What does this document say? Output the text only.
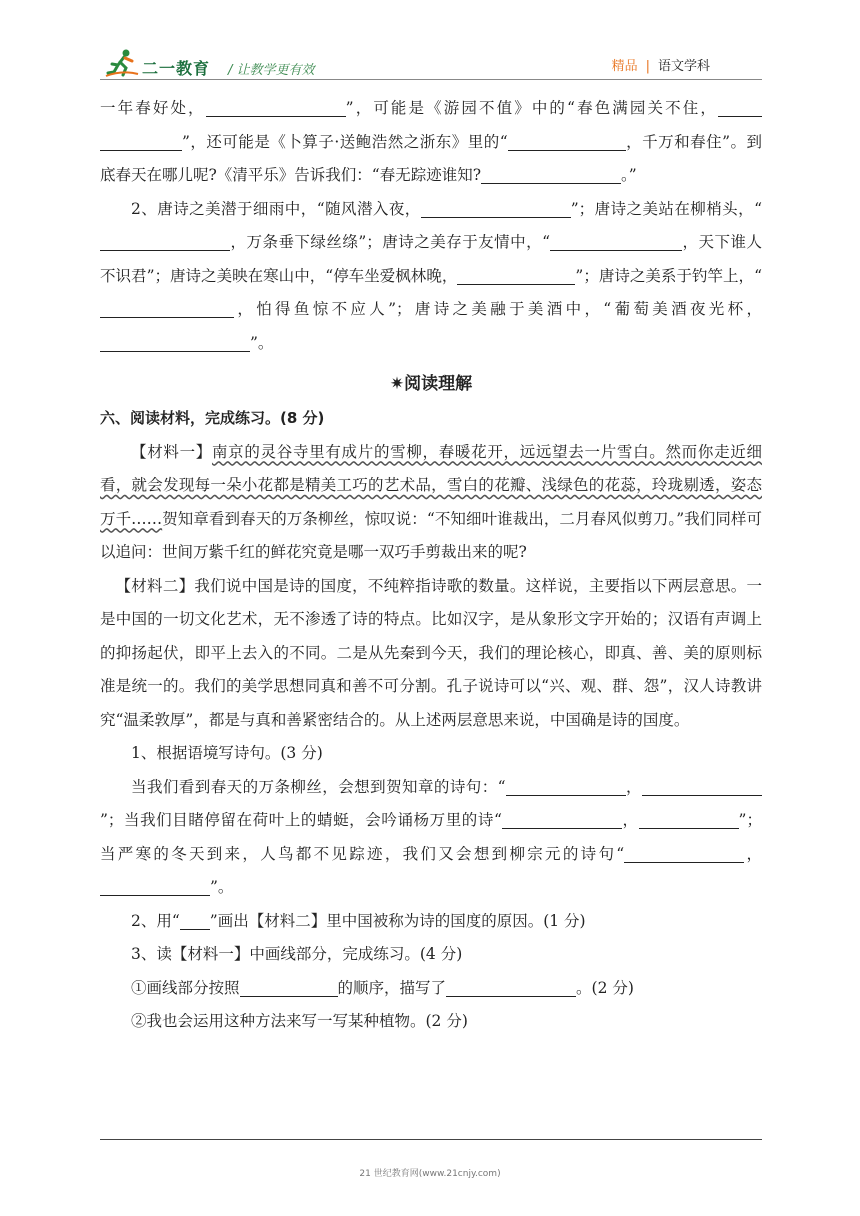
二一教育 / 让教学更有效	精品 | 语文学科

一年春好处，	”，可能是《游园不值》中的“春色满园关不住，”，还可能是《卜算子·送鲍浩然之浙东》里的“	，千万和春住”。到底春天在哪儿呢?《清平乐》告诉我们：“春无踪迹谁知?	。”

2、唐诗之美潜于细雨中，“随风潜入夜，	”；唐诗之美站在柳梢头，“，万条垂下绿丝绦”；唐诗之美存于友情中，“	，天下谁人不识君”；唐诗之美映在寒山中，“停车坐爱枫林晚，	”；唐诗之美系于钓竿上，“ ，怕得鱼惊不应人”；唐诗之美融于美酒中，“葡萄美酒夜光杯，”。

✷阅读理解

六、阅读材料，完成练习。(8 分)

【材料一】南京的灵谷寺里有成片的雪柳，春暖花开，远远望去一片雪白。然而你走近细看，就会发现每一朵小花都是精美工巧的艺术品，雪白的花瓣、浅绿色的花蕊，玲珑剔透，姿态万千……贺知章看到春天的万条柳丝，惊叹说：“不知细叶谁裁出，二月春风似剪刀。”我们同样可以追问：世间万紫千红的鲜花究竟是哪一双巧手剪裁出来的呢?

【材料二】我们说中国是诗的国度，不纯粹指诗歌的数量。这样说，主要指以下两层意思。一是中国的一切文化艺术，无不渗透了诗的特点。比如汉字，是从象形文字开始的；汉语有声调上的抑扬起伏，即平上去入的不同。二是从先秦到今天，我们的理论核心，即真、善、美的原则标准是统一的。我们的美学思想同真和善不可分割。孔子说诗可以“兴、观、群、怨”，汉人诗教讲究“温柔敦厚”，都是与真和善紧密结合的。从上述两层意思来说，中国确是诗的国度。

1、根据语境写诗句。(3 分)

当我们看到春天的万条柳丝，会想到贺知章的诗句：“	，”；当我们目睹停留在荷叶上的蜻蜓，会吟诵杨万里的诗“	，	”；当严寒的冬天到来，人鸟都不见踪迹，我们又会想到柳宗元的诗句“	，”。

2、用“ ”画出【材料二】里中国被称为诗的国度的原因。(1 分)

3、读【材料一】中画线部分，完成练习。(4 分)

①画线部分按照	的顺序，描写了	。(2 分)

②我也会运用这种方法来写一写某种植物。(2 分)

21 世纪教育网(www.21cnjy.com)
